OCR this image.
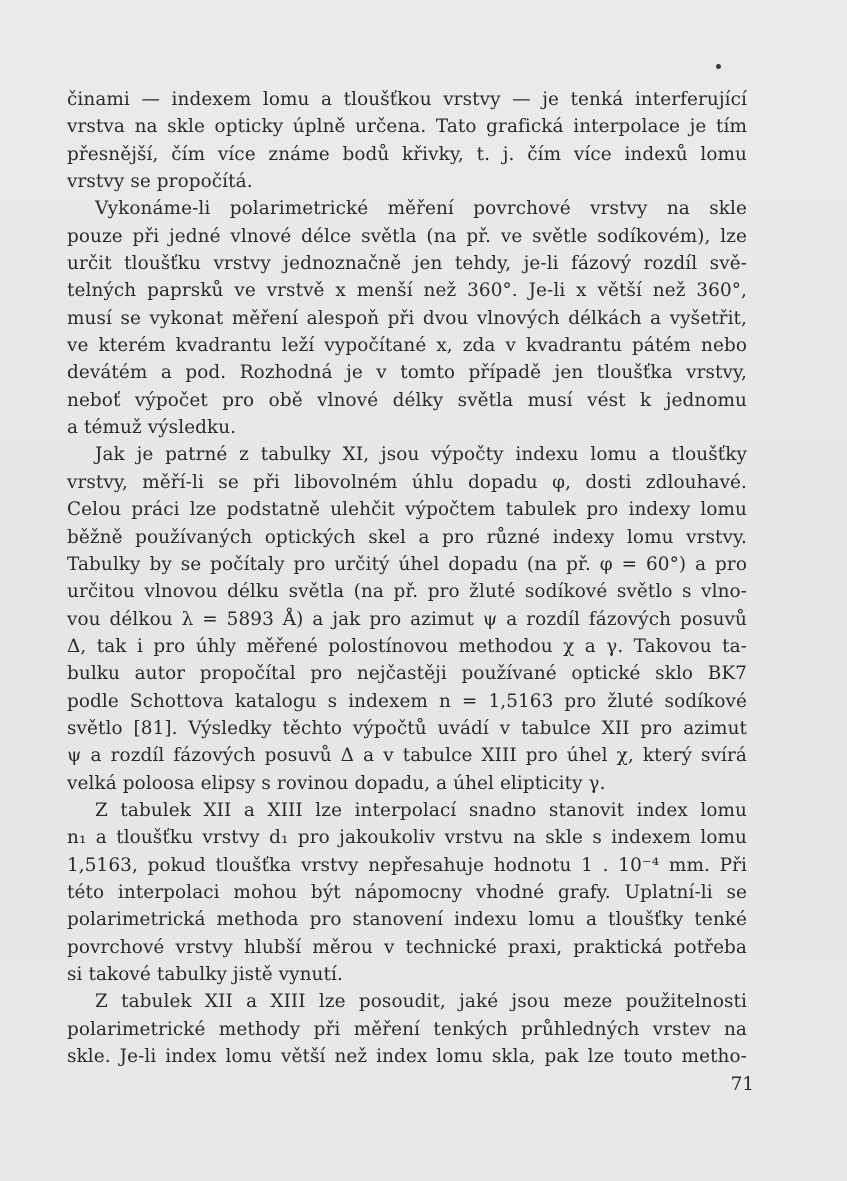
činami — indexem lomu a tloušťkou vrstvy — je tenká interferující
vrstva na skle opticky úplně určena. Tato grafická interpolace je tím
přesnější, čím více známe bodů křivky, t. j. čím více indexů lomu
vrstvy se propočítá.
Vykonáme-li polarimetrické měření povrchové vrstvy na skle
pouze při jedné vlnové délce světla (na př. ve světle sodíkovém), lze
určit tloušťku vrstvy jednoznačně jen tehdy, je-li fázový rozdíl svě-
telných paprsků ve vrstvě x menší než 360°. Je-li x větší než 360°,
musí se vykonat měření alespoň při dvou vlnových délkách a vyšetřit,
ve kterém kvadrantu leží vypočítané x, zda v kvadrantu pátém nebo
devátém a pod. Rozhodná je v tomto případě jen tloušťka vrstvy,
neboť výpočet pro obě vlnové délky světla musí vést k jednomu
a témuž výsledku.
Jak je patrné z tabulky XI, jsou výpočty indexu lomu a tloušťky
vrstvy, měří-li se při libovolném úhlu dopadu φ, dosti zdlouhavé.
Celou práci lze podstatně ulehčit výpočtem tabulek pro indexy lomu
běžně používaných optických skel a pro různé indexy lomu vrstvy.
Tabulky by se počítaly pro určitý úhel dopadu (na př. φ = 60°) a pro
určitou vlnovou délku světla (na př. pro žluté sodíkové světlo s vlno-
vou délkou λ = 5893 Å) a jak pro azimut ψ a rozdíl fázových posuvů
Δ, tak i pro úhly měřené polostínovou methodou χ a γ. Takovou ta-
bulku autor propočítal pro nejčastěji používané optické sklo BK7
podle Schottova katalogu s indexem n = 1,5163 pro žluté sodíkové
světlo [81]. Výsledky těchto výpočtů uvádí v tabulce XII pro azimut
ψ a rozdíl fázových posuvů Δ a v tabulce XIII pro úhel χ, který svírá
velká poloosa elipsy s rovinou dopadu, a úhel elipticity γ.
Z tabulek XII a XIII lze interpolací snadno stanovit index lomu
n₁ a tloušťku vrstvy d₁ pro jakoukoliv vrstvu na skle s indexem lomu
1,5163, pokud tloušťka vrstvy nepřesahuje hodnotu 1 . 10⁻⁴ mm. Při
této interpolaci mohou být nápomocny vhodné grafy. Uplatní-li se
polarimetrická methoda pro stanovení indexu lomu a tloušťky tenké
povrchové vrstvy hlubší měrou v technické praxi, praktická potřeba
si takové tabulky jistě vynutí.
Z tabulek XII a XIII lze posoudit, jaké jsou meze použitelnosti
polarimetrické methody při měření tenkých průhledných vrstev na
skle. Je-li index lomu větší než index lomu skla, pak lze touto metho-
71
